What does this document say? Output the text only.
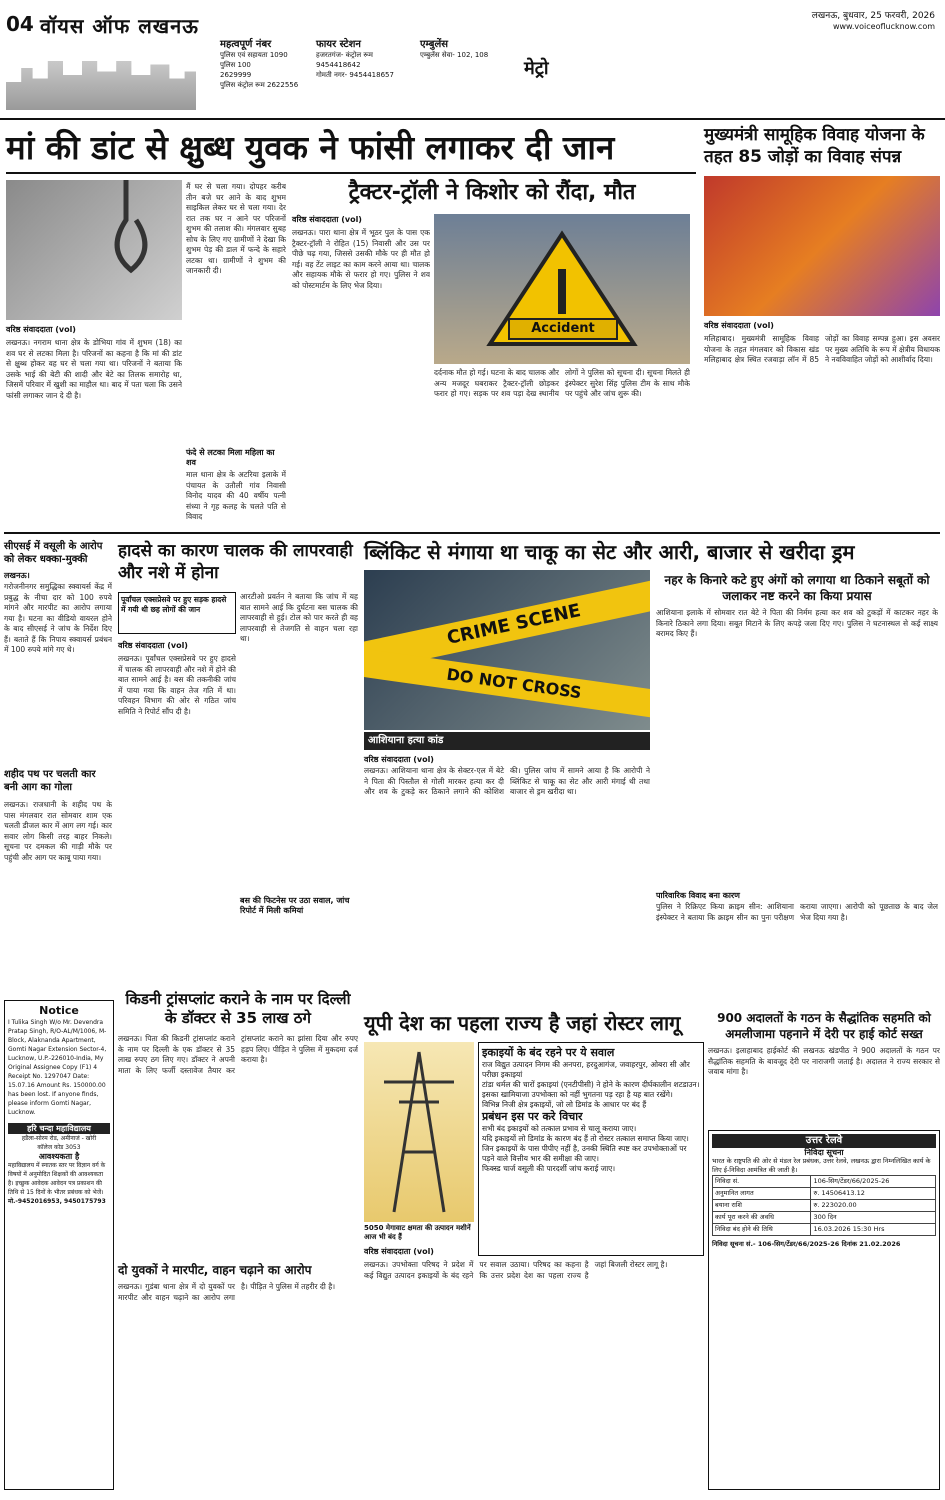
04 वॉयस ऑफ लखनऊ	लखनऊ, बुधवार, 25 फरवरी, 2026
www.voiceoflucknow.com
मेट्रो
महत्वपूर्ण नंबर
पुलिस एवं सहायता 1090
पुलिस 100
2629999
पुलिस कंट्रोल रूम 2622556
फायर स्टेशन
हजरतगंज- कंट्रोल रूम 9454418642
गोमती नगर- 9454418657
एम्बुलेंस
एम्बुलेंस सेवा- 102, 108
मां की डांट से क्षुब्ध युवक ने फांसी लगाकर दी जान
वरिष्ठ संवाददाता (vol)
लखनऊ। नगराम थाना क्षेत्र के डोभिया गांव में शुभम (18) का शव घर से लटका मिला है। परिजनों का कहना है कि मां की डांट से क्षुब्ध होकर वह घर से चला गया था। परिजनों ने बताया कि उसके भाई की बेटी की शादी और बेटे का तिलक समारोह था, जिसमें परिवार में खुशी का माहौल था। बाद में पता चला कि उसने फांसी लगाकर जान दे दी है।
मैं घर से चला गया। दोपहर करीब तीन बजे घर आने के बाद शुभम साइकिल लेकर घर से चला गया। देर रात तक घर न आने पर परिजनों शुभम की तलाश की। मंगलवार सुबह सोच के लिए गए ग्रामीणों ने देखा कि शुभम पेड़ की डाल में फन्दे के सहारे लटका था। ग्रामीणों ने शुभम की जानकारी दी।
फंदे से लटका मिला महिला का शव
माल थाना क्षेत्र के अटरिया इलाके में पंचायत के उतौली गांव निवासी विनोद यादव की 40 वर्षीय पत्नी संध्या ने गृह कलह के चलते पति से विवाद
ट्रैक्टर-ट्रॉली ने किशोर को रौंदा, मौत
वरिष्ठ संवाददाता (vol)
लखनऊ। पारा थाना क्षेत्र में भूठर पुल के पास एक ट्रैक्टर-ट्रॉली ने रोहित (15) निवासी और उस पर पीछे चढ़ गया, जिससे उसकी मौके पर ही मौत हो गई। वह टेंट लाइट का काम करने आया था। चालक और सहायक मौके से फरार हो गए। पुलिस ने शव को पोस्टमार्टम के लिए भेज दिया।
Accident
दर्दनाक मौत हो गई। घटना के बाद चालक और अन्य मजदूर घबराकर ट्रैक्टर-ट्रॉली छोड़कर फरार हो गए। सड़क पर शव पड़ा देख स्थानीय लोगों ने पुलिस को सूचना दी। सूचना मिलते ही इंस्पेक्टर सुरेश सिंह पुलिस टीम के साथ मौके पर पहुंचे और जांच शुरू की।
मुख्यमंत्री सामूहिक विवाह योजना के तहत 85 जोड़ों का विवाह संपन्न
वरिष्ठ संवाददाता (vol)
मलिहाबाद। मुख्यमंत्री सामूहिक विवाह योजना के तहत मंगलवार को विकास खंड मलिहाबाद क्षेत्र स्थित रजवाड़ा लॉन में 85 जोड़ों का विवाह सम्पन्न हुआ। इस अवसर पर मुख्य अतिथि के रूप में क्षेत्रीय विधायक ने नवविवाहित जोड़ों को आशीर्वाद दिया।
सीएसई में वसूली के आरोप को लेकर धक्का-मुक्की
लखनऊ।
गरोजनीनगर समुद्धिका स्क्वायर्स केंद्र में प्रबुद्ध के नीचा दार को 100 रुपये मांगने और मारपीट का आरोप लगाया गया है। घटना का वीडियो वायरल होने के बाद सीएसई ने जांच के निर्देश दिए हैं। बताते हैं कि निपाय स्क्वायर्स प्रबंधन में 100 रुपये मांगे गए थे।
शहीद पथ पर चलती कार बनी आग का गोला
लखनऊ। राजधानी के शहीद पथ के पास मंगलवार रात सोमवार शाम एक चलती डीजल कार में आग लग गई। कार सवार लोग किसी तरह बाहर निकले। सूचना पर दमकल की गाड़ी मौके पर पहुंची और आग पर काबू पाया गया।
हादसे का कारण चालक की लापरवाही और नशे में होना
पूर्वांचल एक्सप्रेसवे पर हुए सड़क हादसे में गयी थी छह लोगों की जान
वरिष्ठ संवाददाता (vol)
लखनऊ। पूर्वांचल एक्सप्रेसवे पर हुए हादसे में चालक की लापरवाही और नशे में होने की बात सामने आई है। बस की तकनीकी जांच में पाया गया कि वाहन तेज गति में था। परिवहन विभाग की ओर से गठित जांच समिति ने रिपोर्ट सौंप दी है।
आरटीओ प्रवर्तन ने बताया कि जांच में यह बात सामने आई कि दुर्घटना बस चालक की लापरवाही से हुई। टोल को पार करते ही वह लापरवाही से तेजगति से वाहन चला रहा था।
बस की फिटनेस पर उठा सवाल, जांच रिपोर्ट में मिली कमियां
किडनी ट्रांसप्लांट कराने के नाम पर दिल्ली के डॉक्टर से 35 लाख ठगे
लखनऊ। पिता की किडनी ट्रांसप्लांट कराने के नाम पर दिल्ली के एक डॉक्टर से 35 लाख रुपए ठग लिए गए। डॉक्टर ने अपनी माता के लिए फर्जी दस्तावेज तैयार कर ट्रांसप्लांट कराने का झांसा दिया और रुपए हड़प लिए। पीड़ित ने पुलिस में मुकदमा दर्ज कराया है।
दो युवकों ने मारपीट, वाहन चढ़ाने का आरोप
लखनऊ। गुडंबा थाना क्षेत्र में दो युवकों पर मारपीट और वाहन चढ़ाने का आरोप लगा है। पीड़ित ने पुलिस में तहरीर दी है।
ब्लिंकिट से मंगाया था चाकू का सेट और आरी, बाजार से खरीदा ड्रम
CRIME SCENE
DO NOT CROSS
आशियाना हत्या कांड
वरिष्ठ संवाददाता (vol)
लखनऊ। आशियाना थाना क्षेत्र के सेक्टर-एल में बेटे ने पिता की पिस्तौल से गोली मारकर हत्या कर दी और शव के टुकड़े कर ठिकाने लगाने की कोशिश की। पुलिस जांच में सामने आया है कि आरोपी ने ब्लिंकिट से चाकू का सेट और आरी मंगाई थी तथा बाजार से ड्रम खरीदा था।
पारिवारिक विवाद बना कारण
पुलिस ने रिक्रिएट किया क्राइम सीन: आशियाना इंस्पेक्टर ने बताया कि क्राइम सीन का पुनः परीक्षण कराया जाएगा। आरोपी को पूछताछ के बाद जेल भेज दिया गया है।
नहर के किनारे कटे हुए अंगों को लगाया था ठिकाने सबूतों को जलाकर नष्ट करने का किया प्रयास
आशियाना इलाके में सोमवार रात बेटे ने पिता की निर्मम हत्या कर शव को टुकड़ों में काटकर नहर के किनारे ठिकाने लगा दिया। सबूत मिटाने के लिए कपड़े जला दिए गए। पुलिस ने घटनास्थल से कई साक्ष्य बरामद किए हैं।
यूपी देश का पहला राज्य है जहां रोस्टर लागू
5050 मेगावाट क्षमता की उत्पादन मशीनें आज भी बंद हैं
वरिष्ठ संवाददाता (vol)
लखनऊ। उपभोक्ता परिषद ने प्रदेश में कई विद्युत उत्पादन इकाइयों के बंद रहने पर सवाल उठाया। परिषद का कहना है कि उत्तर प्रदेश देश का पहला राज्य है जहां बिजली रोस्टर लागू है।
इकाइयों के बंद रहने पर ये सवाल
राज विद्युत उत्पादन निगम की अनपरा, हरदुआगंज, जवाहरपुर, ओबरा सी और परीछा इकाइयां
टांडा थर्मल की चारों इकाइयां (एनटीपीसी) ने होने के कारण दीर्घकालीन शटडाउन। इसका खामियाजा उपभोक्ता को नहीं भुगतना पड़ रहा है यह बात रखेंगे।
विभिन्न निजी क्षेत्र इकाइयों, जो लो डिमांड के आधार पर बंद हैं
प्रबंधन इस पर करे विचार
सभी बंद इकाइयों को तत्काल प्रभाव से चालू कराया जाए।
यदि इकाइयों लो डिमांड के कारण बंद हैं तो रोस्टर तत्काल समाप्त किया जाए।
जिन इकाइयों के पास पीपीए नहीं है, उनकी स्थिति स्पष्ट कर उपभोक्ताओं पर पड़ने वाले वित्तीय भार की समीक्षा की जाए।
फिक्स्ड चार्ज वसूली की पारदर्शी जांच कराई जाए।
900 अदालतों के गठन के सैद्धांतिक सहमति को अमलीजामा पहनाने में देरी पर हाई कोर्ट सख्त
लखनऊ। इलाहाबाद हाईकोर्ट की लखनऊ खंडपीठ ने 900 अदालतों के गठन पर सैद्धांतिक सहमति के बावजूद देरी पर नाराजगी जताई है। अदालत ने राज्य सरकार से जवाब मांगा है।
Notice
I Tulika Singh W/o Mr. Devendra Pratap Singh, R/O-AL/M/1006, M-Block, Alaknanda Apartment, Gomti Nagar Extension Sector-4, Lucknow, U.P.-226010-India, My Original Assignee Copy (F1) 4 Receipt No. 1297047 Date: 15.07.16 Amount Rs. 150000.00 has been lost. If anyone finds, please inform Gomti Nagar, Lucknow.
हरि चन्दा महाविद्यालय
हडैला-सोरम रोड, अमीनाजं - खोरी
कॉलेज कोड 3053
आवश्यकता है
महाविद्यालय में स्नातक स्तर पर विज्ञान वर्ग के विषयों में अनुमोदित शिक्षकों की आवश्यकता है। इच्छुक आवेदक आवेदन पत्र प्रकाशन की तिथि से 15 दिनों के भीतर प्रबंधक को भेजें।
मो.-9452016953, 9450175793
उत्तर रेलवे
निविदा सूचना
भारत के राष्ट्रपति की ओर से मंडल रेल प्रबंधक, उत्तर रेलवे, लखनऊ द्वारा निम्नलिखित कार्य के लिए ई-निविदा आमंत्रित की जाती है।
निविदा सं.	106-सिग/टेंडर/66/2025-26
अनुमानित लागत	रु. 14506413.12
बयाना राशि	रु. 223020.00
कार्य पूरा करने की अवधि	300 दिन
निविदा बंद होने की तिथि	16.03.2026 15:30 Hrs
निविदा सूचना सं.- 106-सिग/टेंडर/66/2025-26 दिनांक 21.02.2026
